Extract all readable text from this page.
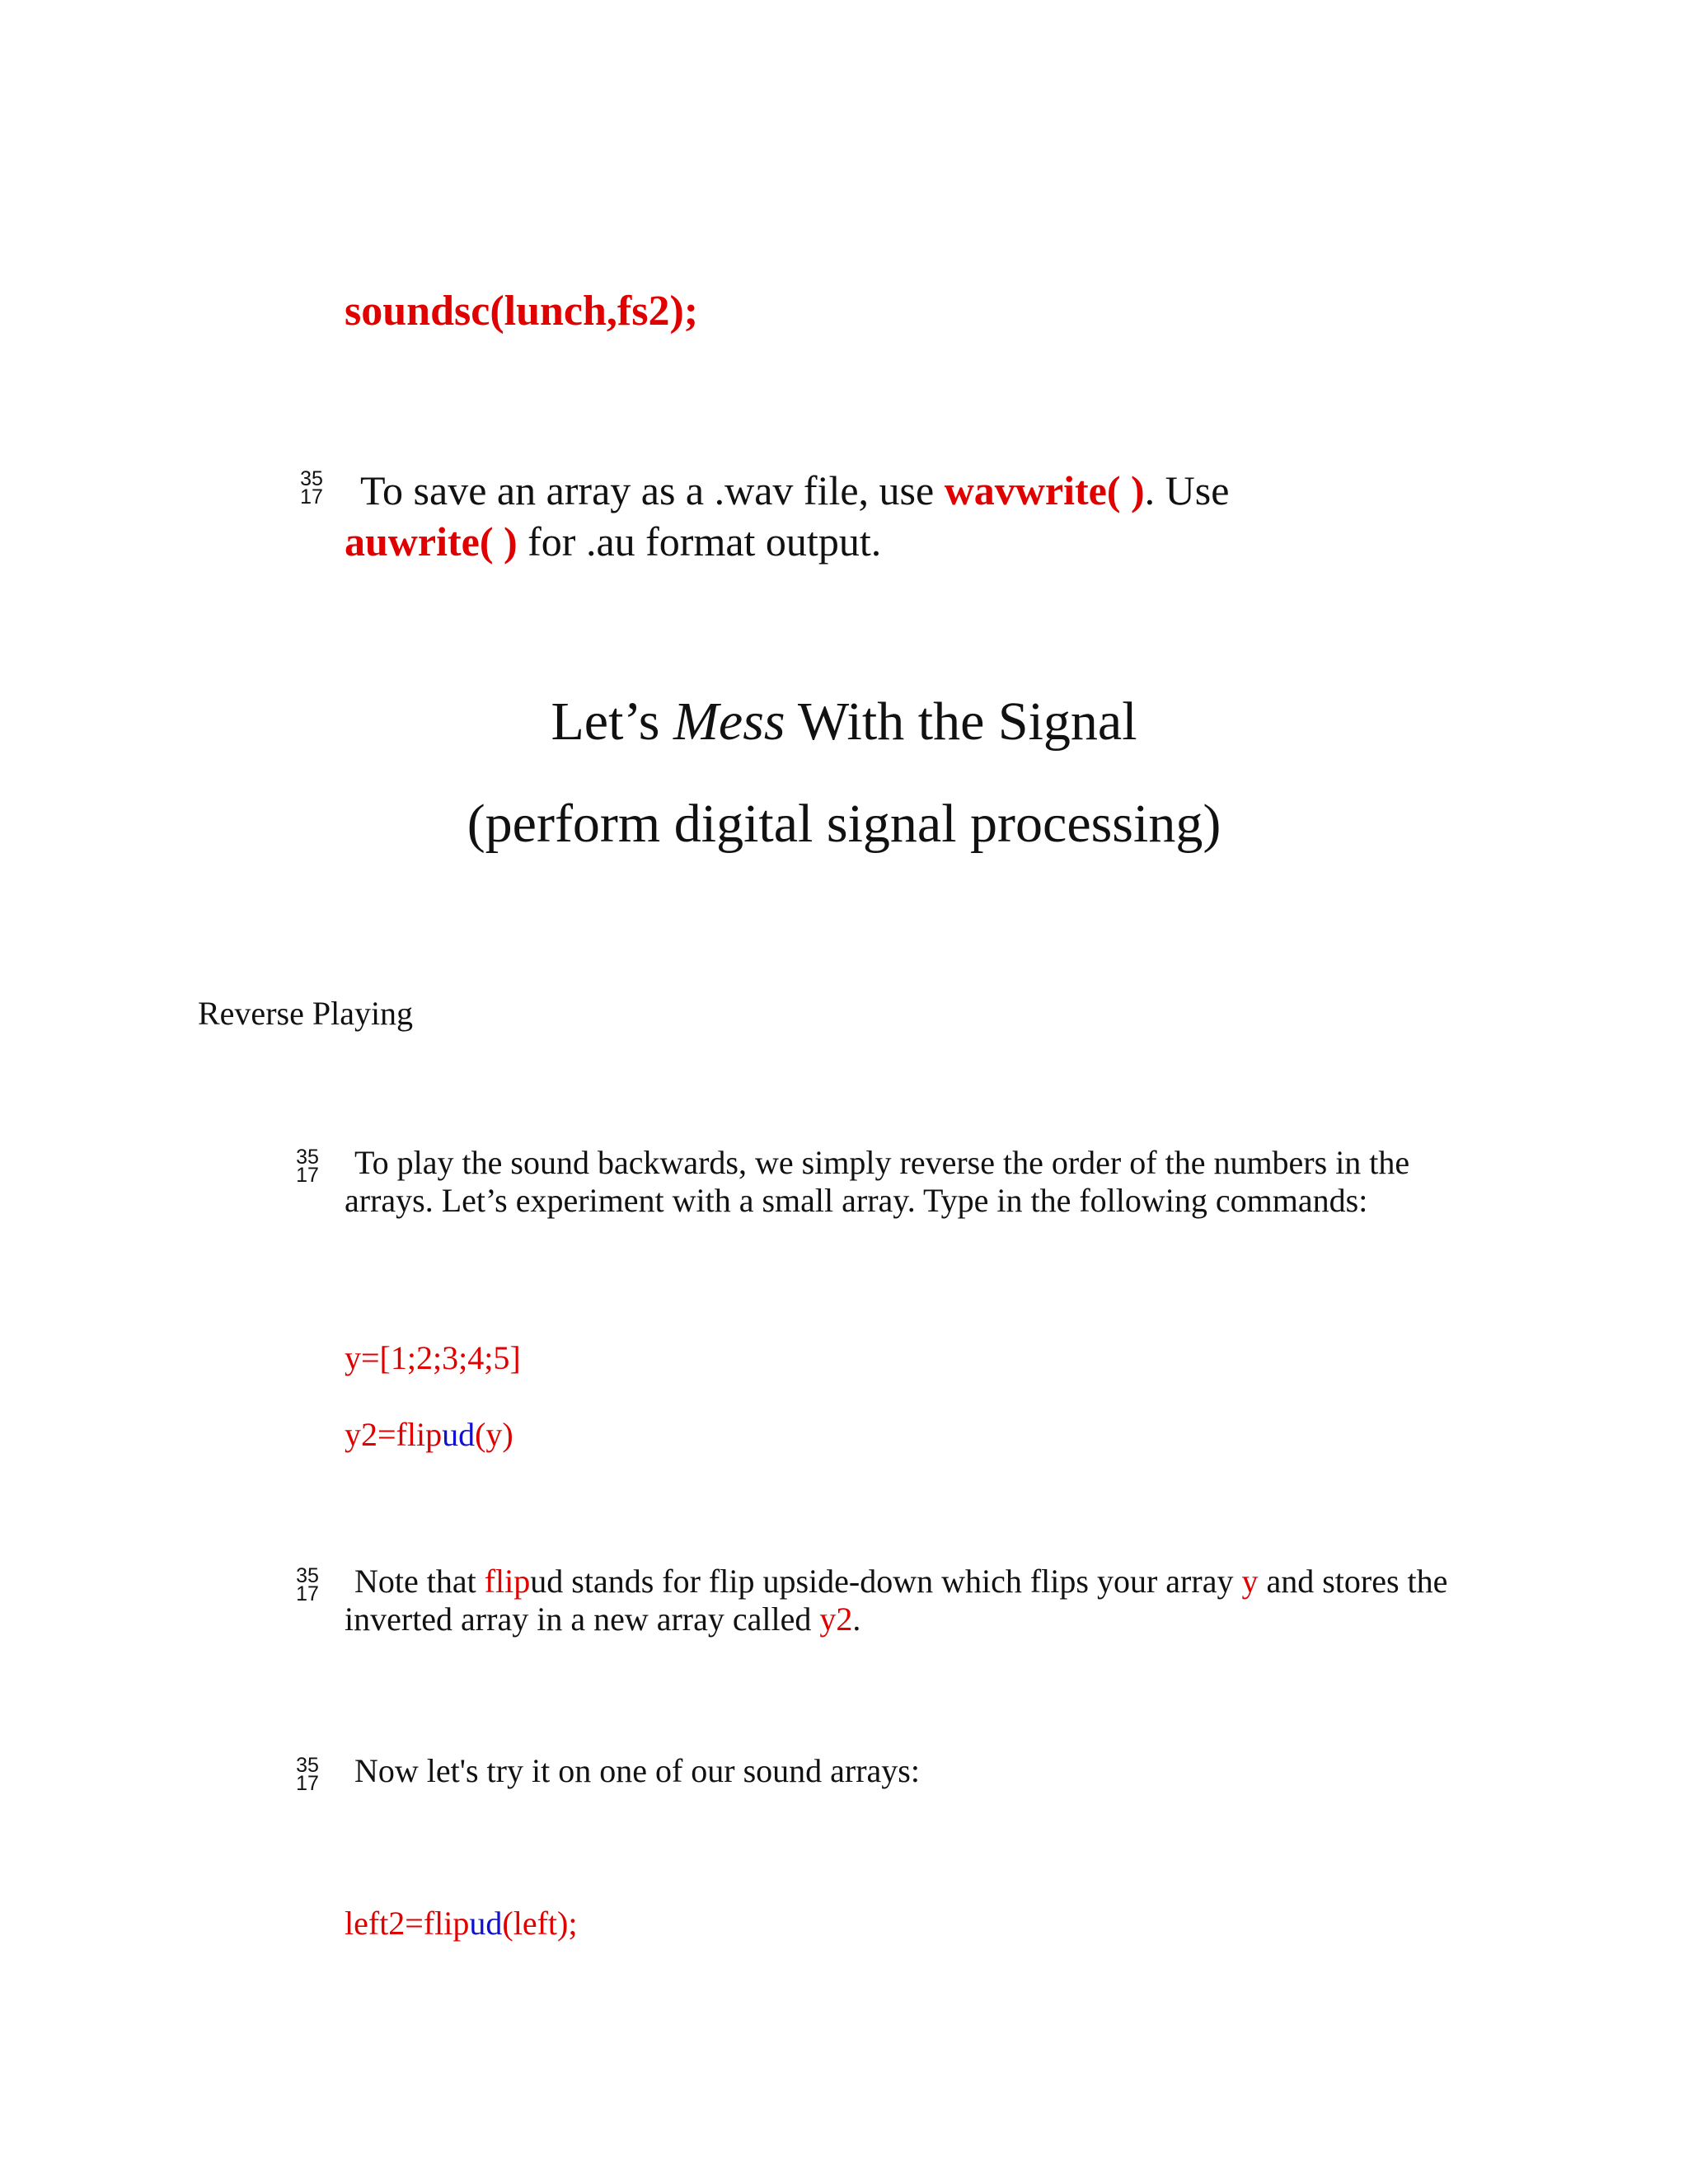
soundsc(lunch,fs2);
35
17 To save an array as a .wav file, use wavwrite( ). Use
auwrite( ) for .au format output.
Let’s Mess With the Signal
(perform digital signal processing)
Reverse Playing
35
17 To play the sound backwards, we simply reverse the order of the numbers in the
arrays. Let’s experiment with a small array. Type in the following commands:
y=[1;2;3;4;5]
y2=flipud(y)
35
17 Note that flipud stands for flip upside-down which flips your array y and stores the
inverted array in a new array called y2.
35
17 Now let's try it on one of our sound arrays:
left2=flipud(left);
